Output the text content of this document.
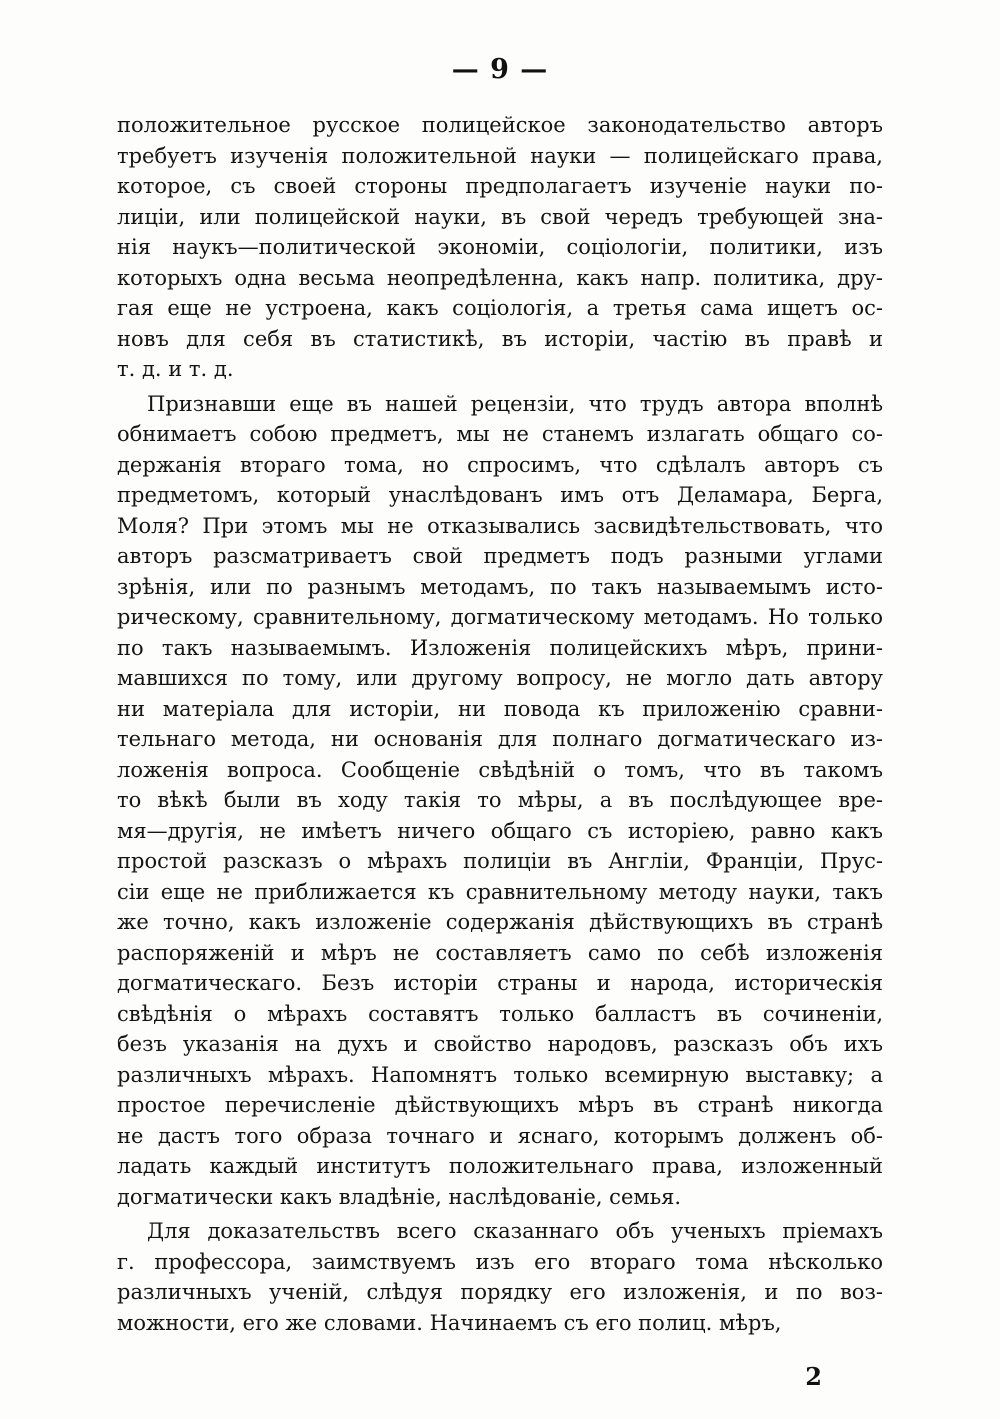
— 9 —
положительное русское полицейское законодательство авторъ
требуетъ изученія положительной науки — полицейскаго права,
которое, съ своей стороны предполагаетъ изученіе науки по-
лиціи, или полицейской науки, въ свой чередъ требующей зна-
нія наукъ—политической экономіи, соціологіи, политики, изъ
которыхъ одна весьма неопредѣленна, какъ напр. политика, дру-
гая еще не устроена, какъ соціологія, а третья сама ищетъ ос-
новъ для себя въ статистикѣ, въ исторіи, частію въ правѣ и
т. д. и т. д.
Признавши еще въ нашей рецензіи, что трудъ автора вполнѣ
обнимаетъ собою предметъ, мы не станемъ излагать общаго со-
держанія втораго тома, но спросимъ, что сдѣлалъ авторъ съ
предметомъ, который унаслѣдованъ имъ отъ Деламара, Берга,
Моля? При этомъ мы не отказывались засвидѣтельствовать, что
авторъ разсматриваетъ свой предметъ подъ разными углами
зрѣнія, или по разнымъ методамъ, по такъ называемымъ исто-
рическому, сравнительному, догматическому методамъ. Но только
по такъ называемымъ. Изложенія полицейскихъ мѣръ, прини-
мавшихся по тому, или другому вопросу, не могло дать автору
ни матеріала для исторіи, ни повода къ приложенію сравни-
тельнаго метода, ни основанія для полнаго догматическаго из-
ложенія вопроса. Сообщеніе свѣдѣній о томъ, что въ такомъ
то вѣкѣ были въ ходу такія то мѣры, а въ послѣдующее вре-
мя—другія, не имѣетъ ничего общаго съ исторіею, равно какъ
простой разсказъ о мѣрахъ полиціи въ Англіи, Франціи, Прус-
сіи еще не приближается къ сравнительному методу науки, такъ
же точно, какъ изложеніе содержанія дѣйствующихъ въ странѣ
распоряженій и мѣръ не составляетъ само по себѣ изложенія
догматическаго. Безъ исторіи страны и народа, историческія
свѣдѣнія о мѣрахъ составятъ только балластъ въ сочиненіи,
безъ указанія на духъ и свойство народовъ, разсказъ объ ихъ
различныхъ мѣрахъ. Напомнятъ только всемирную выставку; а
простое перечисленіе дѣйствующихъ мѣръ въ странѣ никогда
не дастъ того образа точнаго и яснаго, которымъ долженъ об-
ладать каждый институтъ положительнаго права, изложенный
догматически какъ владѣніе, наслѣдованіе, семья.
Для доказательствъ всего сказаннаго объ ученыхъ пріемахъ
г. профессора, заимствуемъ изъ его втораго тома нѣсколько
различныхъ ученій, слѣдуя порядку его изложенія, и по воз-
можности, его же словами. Начинаемъ съ его полиц. мѣръ,
2
